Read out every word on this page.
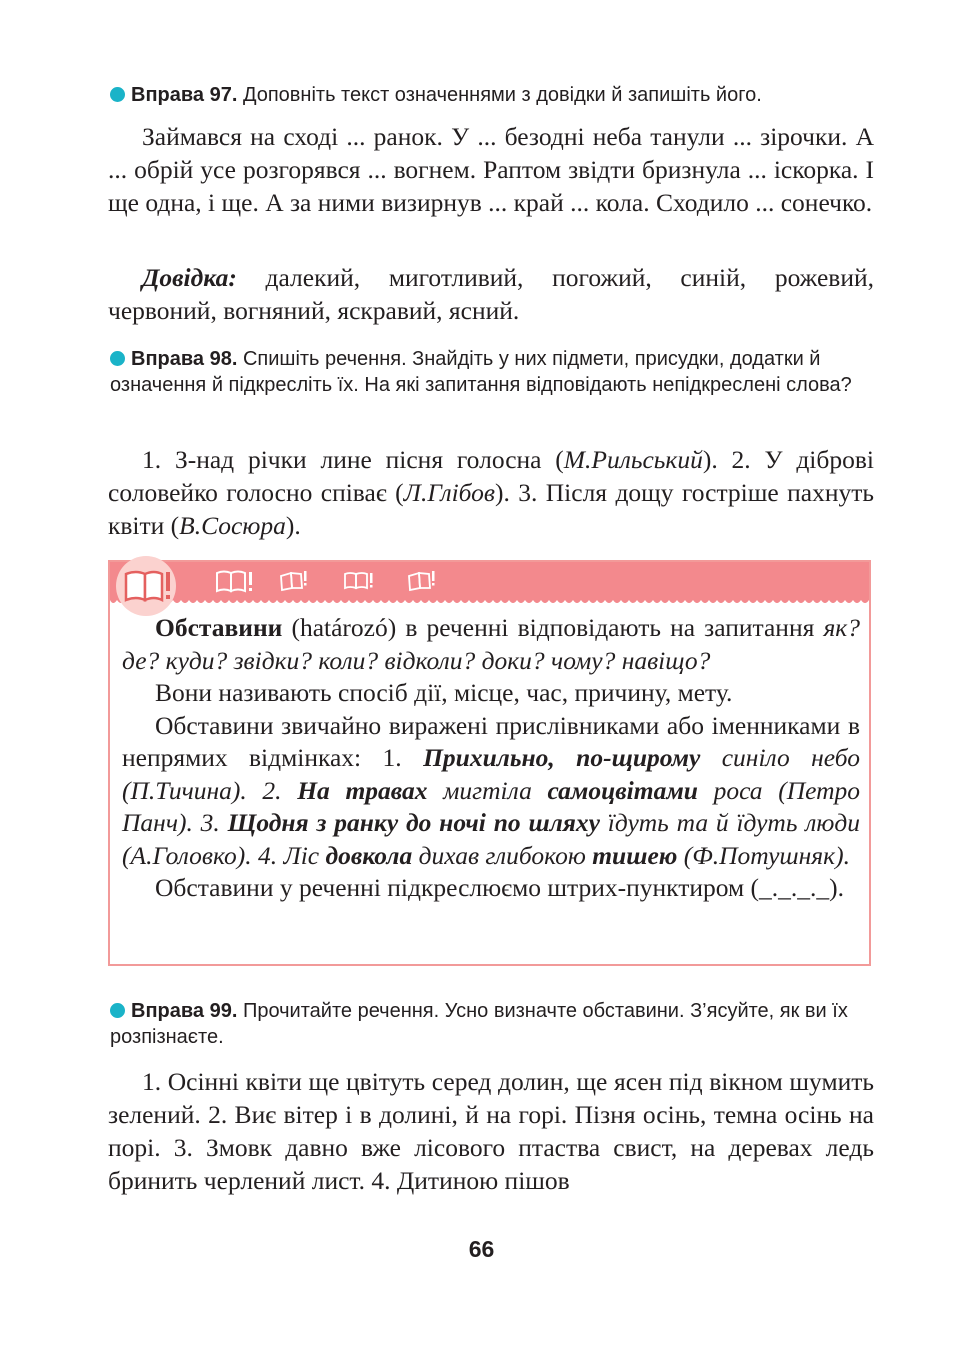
Вправа 97. Доповніть текст означеннями з довідки й запишіть його.

Займався на сході ... ранок. У ... безодні неба танули ... зірочки. А ... обрій усе розгорявся ... вогнем. Раптом звідти бризнула ... іскорка. І ще одна, і ще. А за ними визирнув ... край ... кола. Сходило ... сонечко.

Довідка: далекий, миготливий, погожий, синій, рожевий, червоний, вогняний, яскравий, ясний.

Вправа 98. Спишіть речення. Знайдіть у них підмети, присудки, додатки й означення й підкресліть їх. На які запитання відповідають непідкреслені слова?

1. З-над річки лине пісня голосна (М.Рильський). 2. У діброві соловейко голосно співає (Л.Глібов). 3. Після дощу гостріше пахнуть квіти (В.Сосюра).

Обставини (határozó) в реченні відповідають на запитання як? де? куди? звідки? коли? відколи? доки? чому? навіщо?

Вони називають спосіб дії, місце, час, причину, мету.

Обставини звичайно виражені прислівниками або іменниками в непрямих відмінках: 1. Прихильно, по-щирому синіло небо (П.Тичина). 2. На травах мигтіла самоцвітами роса (Петро Панч). 3. Щодня з ранку до ночі по шляху їдуть та й їдуть люди (А.Головко). 4. Ліс довкола дихав глибокою тишею (Ф.Потушняк).

Обставини у реченні підкреслюємо штрих-пунктиром (_._._._).

Вправа 99. Прочитайте речення. Усно визначте обставини. З’ясуйте, як ви їх розпізнаєте.

1. Осінні квіти ще цвітуть серед долин, ще ясен під вікном шумить зелений. 2. Виє вітер і в долині, й на горі. Пізня осінь, темна осінь на порі. 3. Змовк давно вже лісового птаства свист, на деревах ледь бринить черлений лист. 4. Дитиною пішов

66
